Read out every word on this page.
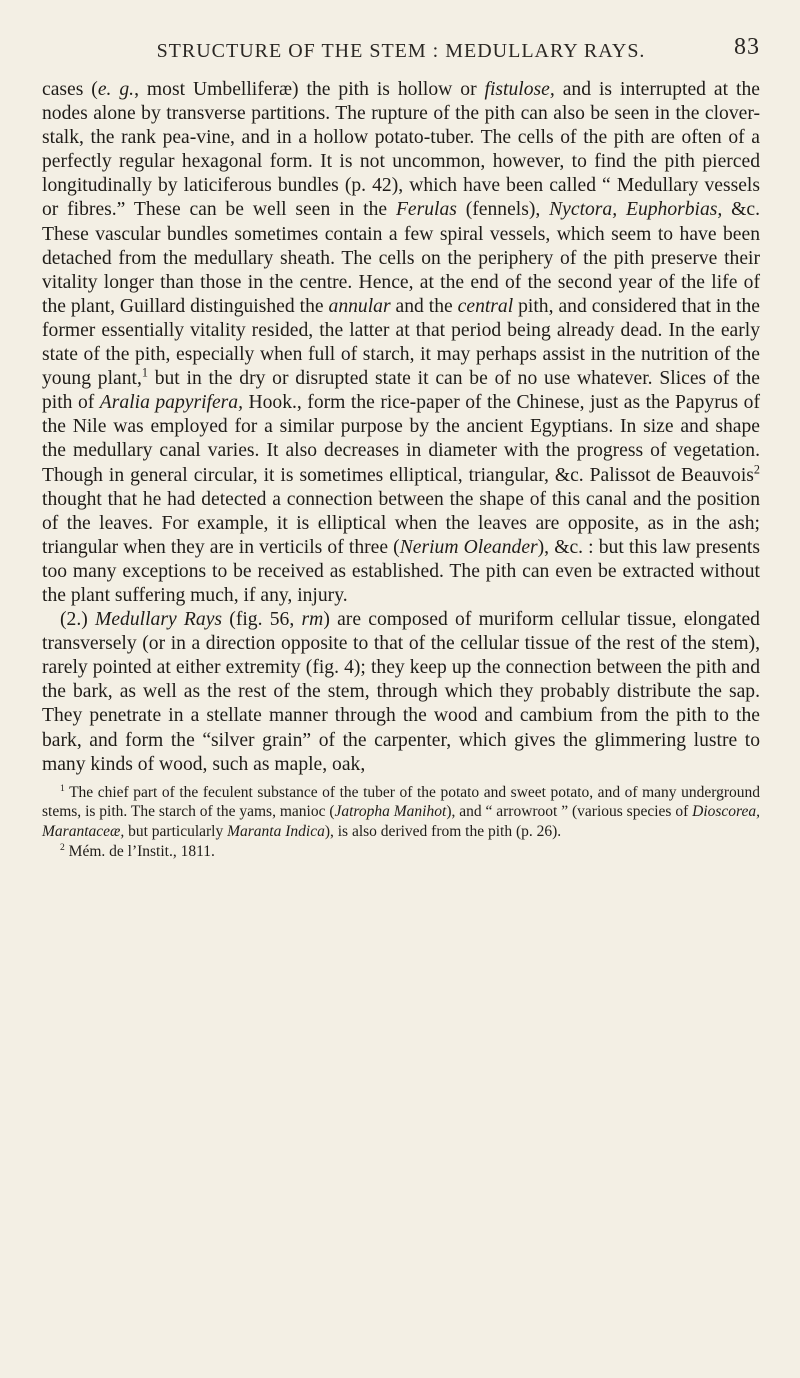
STRUCTURE OF THE STEM : MEDULLARY RAYS.	83

cases (e. g., most Umbelliferæ) the pith is hollow or fistulose, and is interrupted at the nodes alone by transverse partitions. The rupture of the pith can also be seen in the clover-stalk, the rank pea-vine, and in a hollow potato-tuber. The cells of the pith are often of a perfectly regular hexagonal form. It is not uncommon, however, to find the pith pierced longitudinally by laticiferous bundles (p. 42), which have been called “ Medullary vessels or fibres.” These can be well seen in the Ferulas (fennels), Nyctora, Euphorbias, &c. These vascular bundles sometimes contain a few spiral vessels, which seem to have been detached from the medullary sheath. The cells on the periphery of the pith preserve their vitality longer than those in the centre. Hence, at the end of the second year of the life of the plant, Guillard distinguished the annular and the central pith, and considered that in the former essentially vitality resided, the latter at that period being already dead. In the early state of the pith, especially when full of starch, it may perhaps assist in the nutrition of the young plant,$^1$ but in the dry or disrupted state it can be of no use whatever. Slices of the pith of Aralia papyrifera, Hook., form the rice-paper of the Chinese, just as the Papyrus of the Nile was employed for a similar purpose by the ancient Egyptians. In size and shape the medullary canal varies. It also decreases in diameter with the progress of vegetation. Though in general circular, it is sometimes elliptical, triangular, &c. Palissot de Beauvois$^2$ thought that he had detected a connection between the shape of this canal and the position of the leaves. For example, it is elliptical when the leaves are opposite, as in the ash; triangular when they are in verticils of three (Nerium Oleander), &c. : but this law presents too many exceptions to be received as established. The pith can even be extracted without the plant suffering much, if any, injury.

(2.) Medullary Rays (fig. 56, rm) are composed of muriform cellular tissue, elongated transversely (or in a direction opposite to that of the cellular tissue of the rest of the stem), rarely pointed at either extremity (fig. 4); they keep up the connection between the pith and the bark, as well as the rest of the stem, through which they probably distribute the sap. They penetrate in a stellate manner through the wood and cambium from the pith to the bark, and form the “silver grain” of the carpenter, which gives the glimmering lustre to many kinds of wood, such as maple, oak,

$^1$ The chief part of the feculent substance of the tuber of the potato and sweet potato, and of many underground stems, is pith. The starch of the yams, manioc (Jatropha Manihot), and “ arrowroot ” (various species of Dioscorea, Marantaceæ, but particularly Maranta Indica), is also derived from the pith (p. 26).

$^2$ Mém. de l’Instit., 1811.
